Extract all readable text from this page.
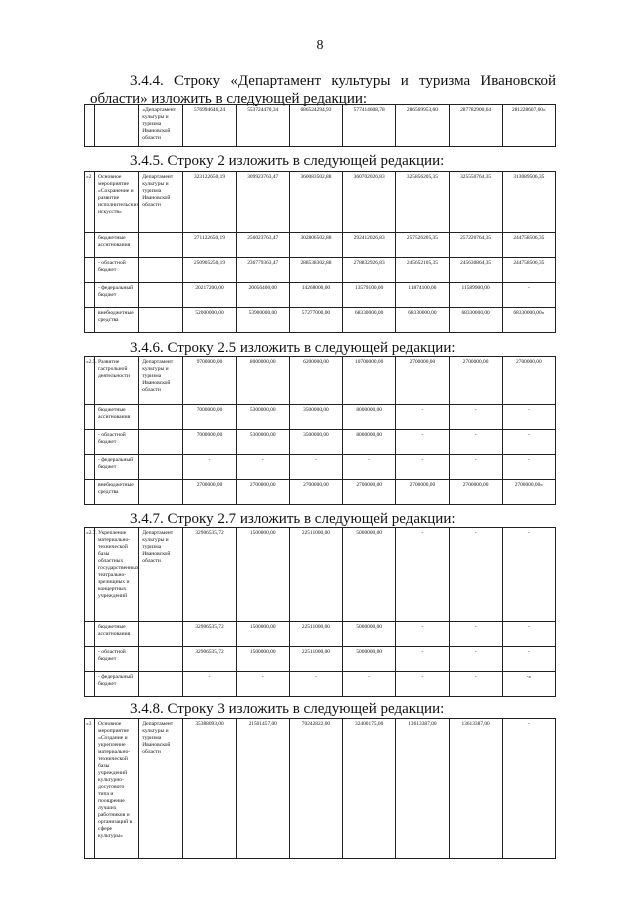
8
3.4.4. Строку «Департамент культуры и туризма Ивановской области» изложить в следующей редакции:
		«Департамент культуры и туризма Ивановской области	576994646,24	553724470,34	686524294,93	577414608,78	286569953,60	287782900,64	281228607,60»
3.4.5. Строку 2 изложить в следующей редакции:
«2	Основное мероприятие «Сохранение и развитие исполнительских искусств»	Департамент культуры и туризма Ивановской области	323122650,19	309923763,47	360083502,88	360702026,83	325856205,35	325550764,35	313089506,35
	бюджетные ассигнования		271122650,19	256023763,47	302806502,88	292412026,83	257526205,35	257220764,35	244758506,35
	- областной бюджет		250905250,19	236779363,47	288538302,88	278832926,83	245652105,35	245630864,35	244758506,35
	- федеральный бюджет		20217200,00	20056400,00	14268000,00	13579100,00	11874100,00	11589900,00	-
	внебюджетные средства		52000000,00	53900000,00	57277000,00	68330000,00	68330000,00	68330000,00	68330000,00»
3.4.6. Строку 2.5 изложить в следующей редакции:
«2.5.	Развитие гастрольной деятельности	Департамент культуры и туризма Ивановской области	9700000,00	8000000,00	6200000,00	10700000,00	2700000,00	2700000,00	2700000,00
	бюджетные ассигнования		7000000,00	5300000,00	3500000,00	8000000,00	-	-	-
	- областной бюджет		7000000,00	5300000,00	3500000,00	8000000,00	-	-	-
	- федеральный бюджет		-	-	-	-	-	-	-
	внебюджетные средства		2700000,00	2700000,00	2700000,00	2700000,00	2700000,00	2700000,00	2700000,00»
3.4.7. Строку 2.7 изложить в следующей редакции:
«2.7.	Укрепление материально-технической базы областных государственных театрально-зрелищных и концертных учреждений	Департамент культуры и туризма Ивановской области	32906535,72	1500000,00	22511000,00	5000000,00	-	-	-
	бюджетные ассигнования		32906535,72	1500000,00	22511000,00	5000000,00	-	-	-
	- областной бюджет		32906535,72	1500000,00	22511000,00	5000000,00	-	-	-
	- федеральный бюджет		-	-	-	-	-	-	-»
3.4.8. Строку 3 изложить в следующей редакции:
«3	Основное мероприятие «Создание и укрепление материально-технической базы учреждений культурно-досугового типа и поощрение лучших работников и организаций в сфере культуры»	Департамент культуры и туризма Ивановской области	35388093,00	21501457,00	70242822,00	32400175,00	13613387,00	13613387,00	-
